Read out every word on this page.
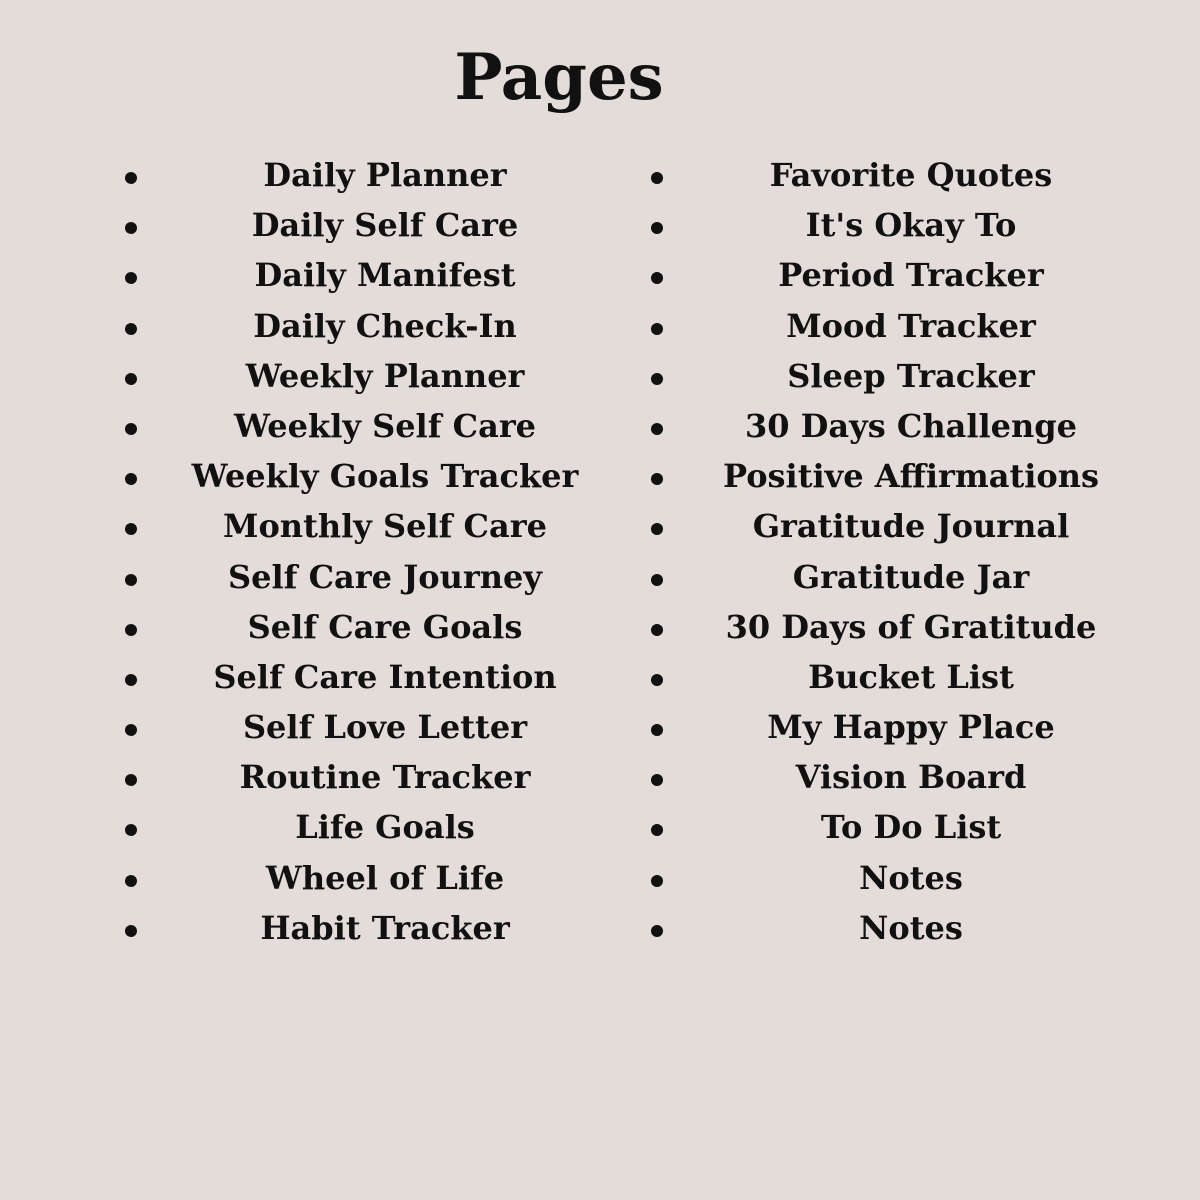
Pages
Daily Planner
Daily Self Care
Daily Manifest
Daily Check-In
Weekly Planner
Weekly Self Care
Weekly Goals Tracker
Monthly Self Care
Self Care Journey
Self Care Goals
Self Care Intention
Self Love Letter
Routine Tracker
Life Goals
Wheel of Life
Habit Tracker
Favorite Quotes
It's Okay To
Period Tracker
Mood Tracker
Sleep Tracker
30 Days Challenge
Positive Affirmations
Gratitude Journal
Gratitude Jar
30 Days of Gratitude
Bucket List
My Happy Place
Vision Board
To Do List
Notes
Notes
